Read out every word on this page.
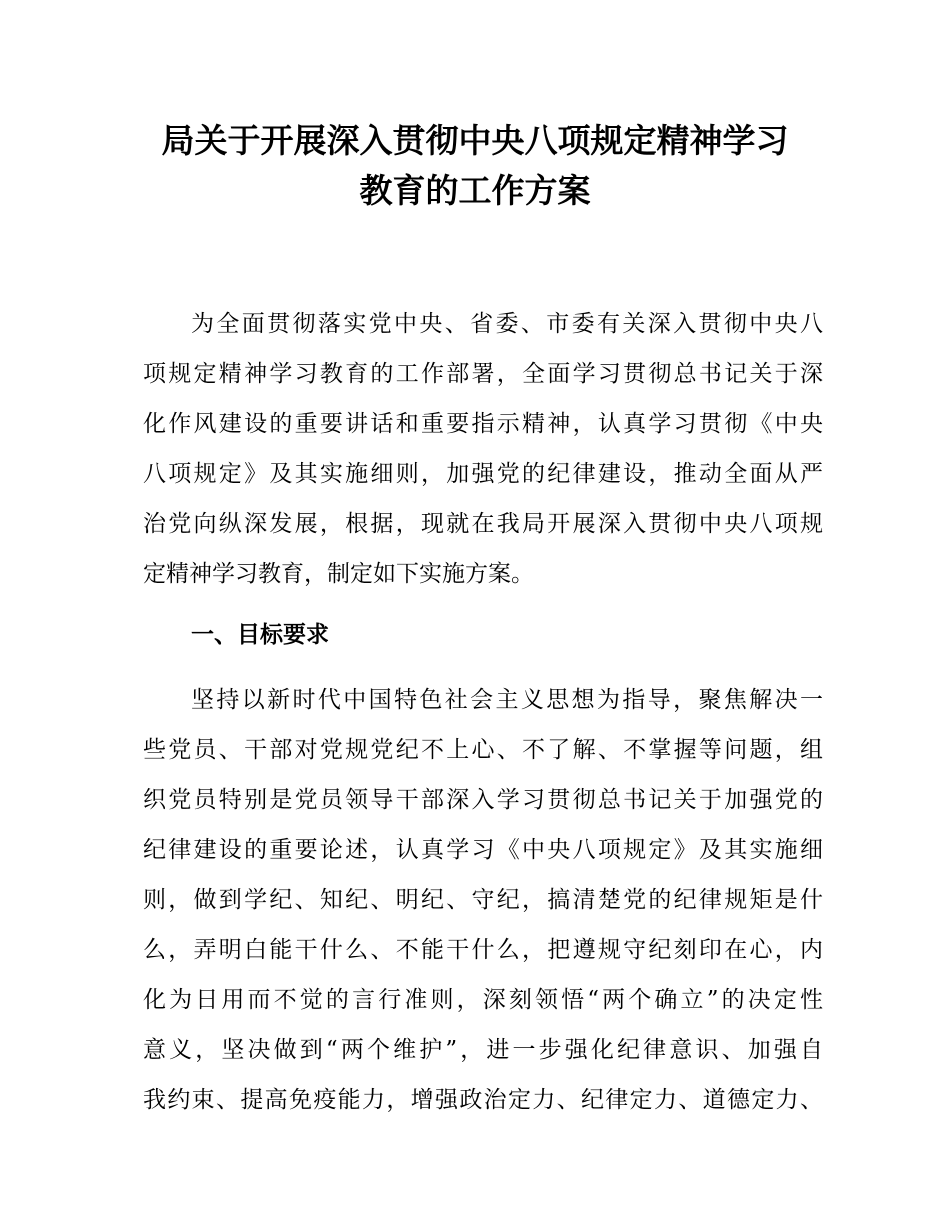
局关于开展深入贯彻中央八项规定精神学习
教育的工作方案

为全面贯彻落实党中央、省委、市委有关深入贯彻中央八

项规定精神学习教育的工作部署，全面学习贯彻总书记关于深

化作风建设的重要讲话和重要指示精神，认真学习贯彻《中央

八项规定》及其实施细则，加强党的纪律建设，推动全面从严

治党向纵深发展，根据，现就在我局开展深入贯彻中央八项规

定精神学习教育，制定如下实施方案。

一、目标要求

坚持以新时代中国特色社会主义思想为指导，聚焦解决一

些党员、干部对党规党纪不上心、不了解、不掌握等问题，组

织党员特别是党员领导干部深入学习贯彻总书记关于加强党的

纪律建设的重要论述，认真学习《中央八项规定》及其实施细

则，做到学纪、知纪、明纪、守纪，搞清楚党的纪律规矩是什

么，弄明白能干什么、不能干什么，把遵规守纪刻印在心，内

化为日用而不觉的言行准则，深刻领悟“两个确立”的决定性

意义，坚决做到“两个维护”，进一步强化纪律意识、加强自

我约束、提高免疫能力，增强政治定力、纪律定力、道德定力、
